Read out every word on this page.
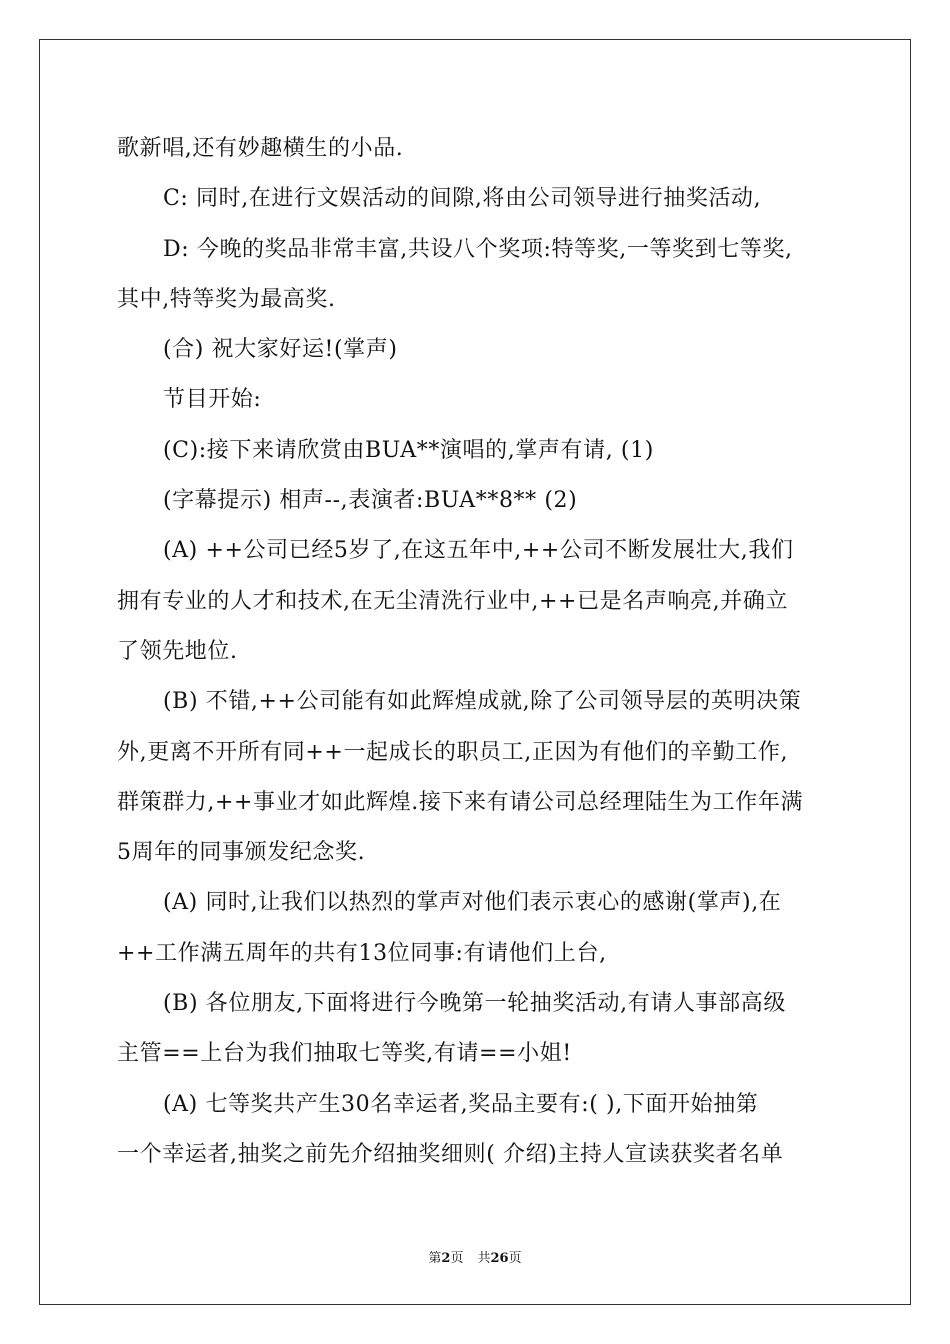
歌新唱,还有妙趣横生的小品.
C: 同时,在进行文娱活动的间隙,将由公司领导进行抽奖活动,
D: 今晚的奖品非常丰富,共设八个奖项:特等奖,一等奖到七等奖,
其中,特等奖为最高奖.
(合) 祝大家好运!(掌声)
节目开始:
(C):接下来请欣赏由BUA**演唱的,掌声有请, (1)
(字幕提示) 相声--,表演者:BUA**8** (2)
(A) ++公司已经5岁了,在这五年中,++公司不断发展壮大,我们
拥有专业的人才和技术,在无尘清洗行业中,++已是名声响亮,并确立
了领先地位.
(B) 不错,++公司能有如此辉煌成就,除了公司领导层的英明决策
外,更离不开所有同++一起成长的职员工,正因为有他们的辛勤工作,
群策群力,++事业才如此辉煌.接下来有请公司总经理陆生为工作年满
5周年的同事颁发纪念奖.
(A) 同时,让我们以热烈的掌声对他们表示衷心的感谢(掌声),在
++工作满五周年的共有13位同事:有请他们上台,
(B) 各位朋友,下面将进行今晚第一轮抽奖活动,有请人事部高级
主管==上台为我们抽取七等奖,有请==小姐!
(A) 七等奖共产生30名幸运者,奖品主要有:( ),下面开始抽第
一个幸运者,抽奖之前先介绍抽奖细则( 介绍)主持人宣读获奖者名单
第2页 共26页
